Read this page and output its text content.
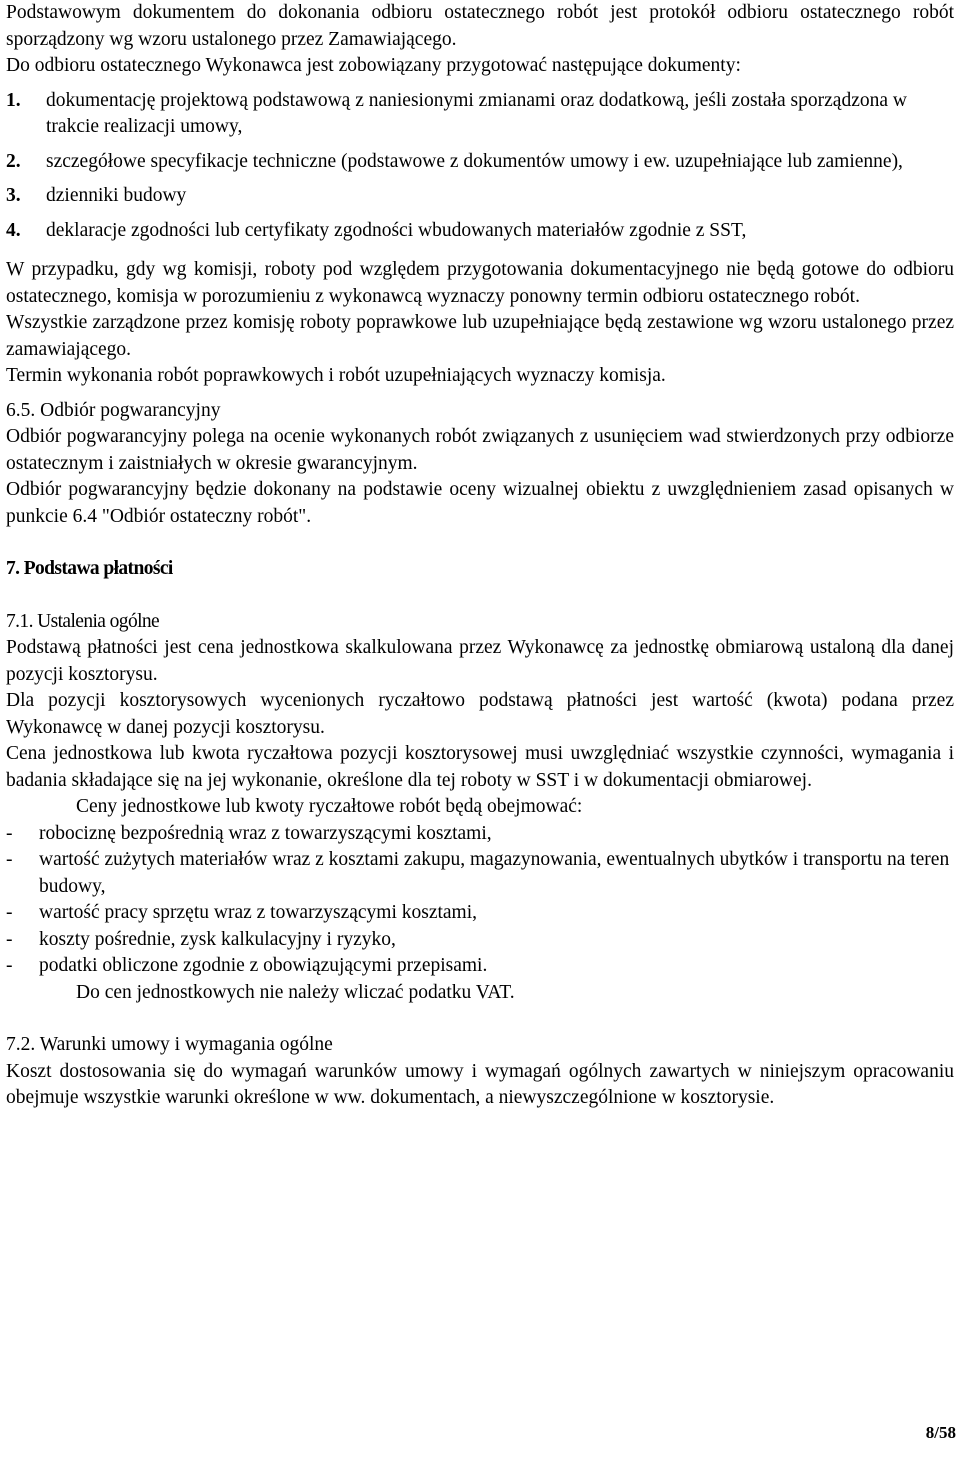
Podstawowym dokumentem do dokonania odbioru ostatecznego robót jest protokół odbioru ostatecznego robót sporządzony wg wzoru ustalonego przez Zamawiającego.

Do odbioru ostatecznego Wykonawca jest zobowiązany przygotować następujące dokumenty:

1. dokumentację projektową podstawową z naniesionymi zmianami oraz dodatkową, jeśli została sporządzona w trakcie realizacji umowy,

2. szczegółowe specyfikacje techniczne (podstawowe z dokumentów umowy i ew. uzupełniające lub zamienne),

3. dzienniki budowy

4. deklaracje zgodności lub certyfikaty zgodności wbudowanych materiałów zgodnie z SST,

W przypadku, gdy wg komisji, roboty pod względem przygotowania dokumentacyjnego nie będą gotowe do odbioru ostatecznego, komisja w porozumieniu z wykonawcą wyznaczy ponowny termin odbioru ostatecznego robót.

Wszystkie zarządzone przez komisję roboty poprawkowe lub uzupełniające będą zestawione wg wzoru ustalonego przez zamawiającego.

Termin wykonania robót poprawkowych i robót uzupełniających wyznaczy komisja.

6.5. Odbiór pogwarancyjny

Odbiór pogwarancyjny polega na ocenie wykonanych robót związanych z usunięciem wad stwierdzonych przy odbiorze ostatecznym i zaistniałych w okresie gwarancyjnym.

Odbiór pogwarancyjny będzie dokonany na podstawie oceny wizualnej obiektu z uwzględnieniem zasad opisanych w punkcie 6.4 "Odbiór ostateczny robót".

7. Podstawa płatności

7.1. Ustalenia ogólne

Podstawą płatności jest cena jednostkowa skalkulowana przez Wykonawcę za jednostkę obmiarową ustaloną dla danej pozycji kosztorysu.

Dla pozycji kosztorysowych wycenionych ryczałtowo podstawą płatności jest wartość (kwota) podana przez Wykonawcę w danej pozycji kosztorysu.

Cena jednostkowa lub kwota ryczałtowa pozycji kosztorysowej musi uwzględniać wszystkie czynności, wymagania i badania składające się na jej wykonanie, określone dla tej roboty w SST i w dokumentacji obmiarowej.

Ceny jednostkowe lub kwoty ryczałtowe robót będą obejmować:

- robociznę bezpośrednią wraz z towarzyszącymi kosztami,

- wartość zużytych materiałów wraz z kosztami zakupu, magazynowania, ewentualnych ubytków i transportu na teren budowy,

- wartość pracy sprzętu wraz z towarzyszącymi kosztami,

- koszty pośrednie, zysk kalkulacyjny i ryzyko,

- podatki obliczone zgodnie z obowiązującymi przepisami.

Do cen jednostkowych nie należy wliczać podatku VAT.

7.2. Warunki umowy i wymagania ogólne

Koszt dostosowania się do wymagań warunków umowy i wymagań ogólnych zawartych w niniejszym opracowaniu obejmuje wszystkie warunki określone w ww. dokumentach, a niewyszczególnione w kosztorysie.

8/58
